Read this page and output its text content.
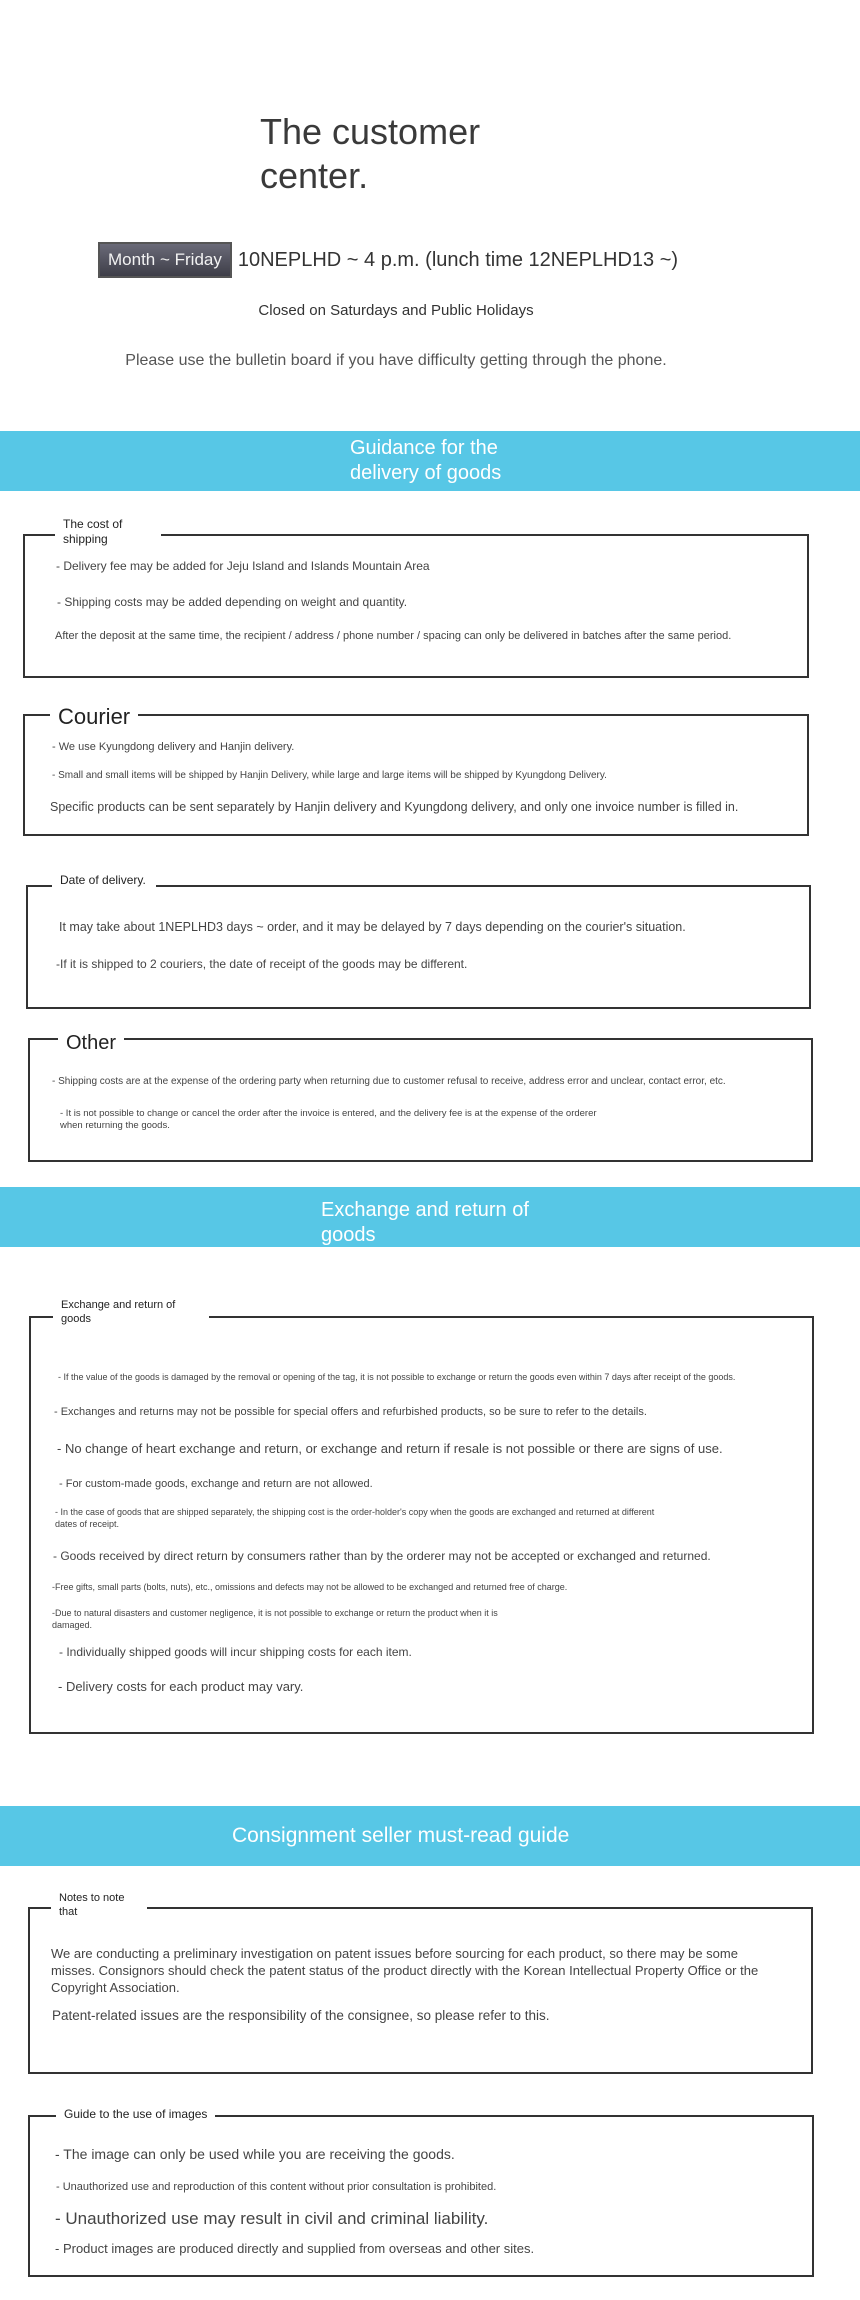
The customer center.
Month ~ Friday 10NEPLHD ~ 4 p.m. (lunch time 12NEPLHD13 ~)
Closed on Saturdays and Public Holidays
Please use the bulletin board if you have difficulty getting through the phone.
Guidance for the delivery of goods
The cost of shipping
- Delivery fee may be added for Jeju Island and Islands Mountain Area
- Shipping costs may be added depending on weight and quantity.
After the deposit at the same time, the recipient / address / phone number / spacing can only be delivered in batches after the same period.
Courier
- We use Kyungdong delivery and Hanjin delivery.
- Small and small items will be shipped by Hanjin Delivery, while large and large items will be shipped by Kyungdong Delivery.
Specific products can be sent separately by Hanjin delivery and Kyungdong delivery, and only one invoice number is filled in.
Date of delivery.
It may take about 1NEPLHD3 days ~ order, and it may be delayed by 7 days depending on the courier's situation.
-If it is shipped to 2 couriers, the date of receipt of the goods may be different.
Other
- Shipping costs are at the expense of the ordering party when returning due to customer refusal to receive, address error and unclear, contact error, etc.
- It is not possible to change or cancel the order after the invoice is entered, and the delivery fee is at the expense of the orderer when returning the goods.
Exchange and return of goods
Exchange and return of goods
- If the value of the goods is damaged by the removal or opening of the tag, it is not possible to exchange or return the goods even within 7 days after receipt of the goods.
- Exchanges and returns may not be possible for special offers and refurbished products, so be sure to refer to the details.
- No change of heart exchange and return, or exchange and return if resale is not possible or there are signs of use.
- For custom-made goods, exchange and return are not allowed.
- In the case of goods that are shipped separately, the shipping cost is the order-holder's copy when the goods are exchanged and returned at different dates of receipt.
- Goods received by direct return by consumers rather than by the orderer may not be accepted or exchanged and returned.
-Free gifts, small parts (bolts, nuts), etc., omissions and defects may not be allowed to be exchanged and returned free of charge.
-Due to natural disasters and customer negligence, it is not possible to exchange or return the product when it is damaged.
- Individually shipped goods will incur shipping costs for each item.
- Delivery costs for each product may vary.
Consignment seller must-read guide
Notes to note that
We are conducting a preliminary investigation on patent issues before sourcing for each product, so there may be some misses. Consignors should check the patent status of the product directly with the Korean Intellectual Property Office or the Copyright Association.
Patent-related issues are the responsibility of the consignee, so please refer to this.
Guide to the use of images
- The image can only be used while you are receiving the goods.
- Unauthorized use and reproduction of this content without prior consultation is prohibited.
- Unauthorized use may result in civil and criminal liability.
- Product images are produced directly and supplied from overseas and other sites.
